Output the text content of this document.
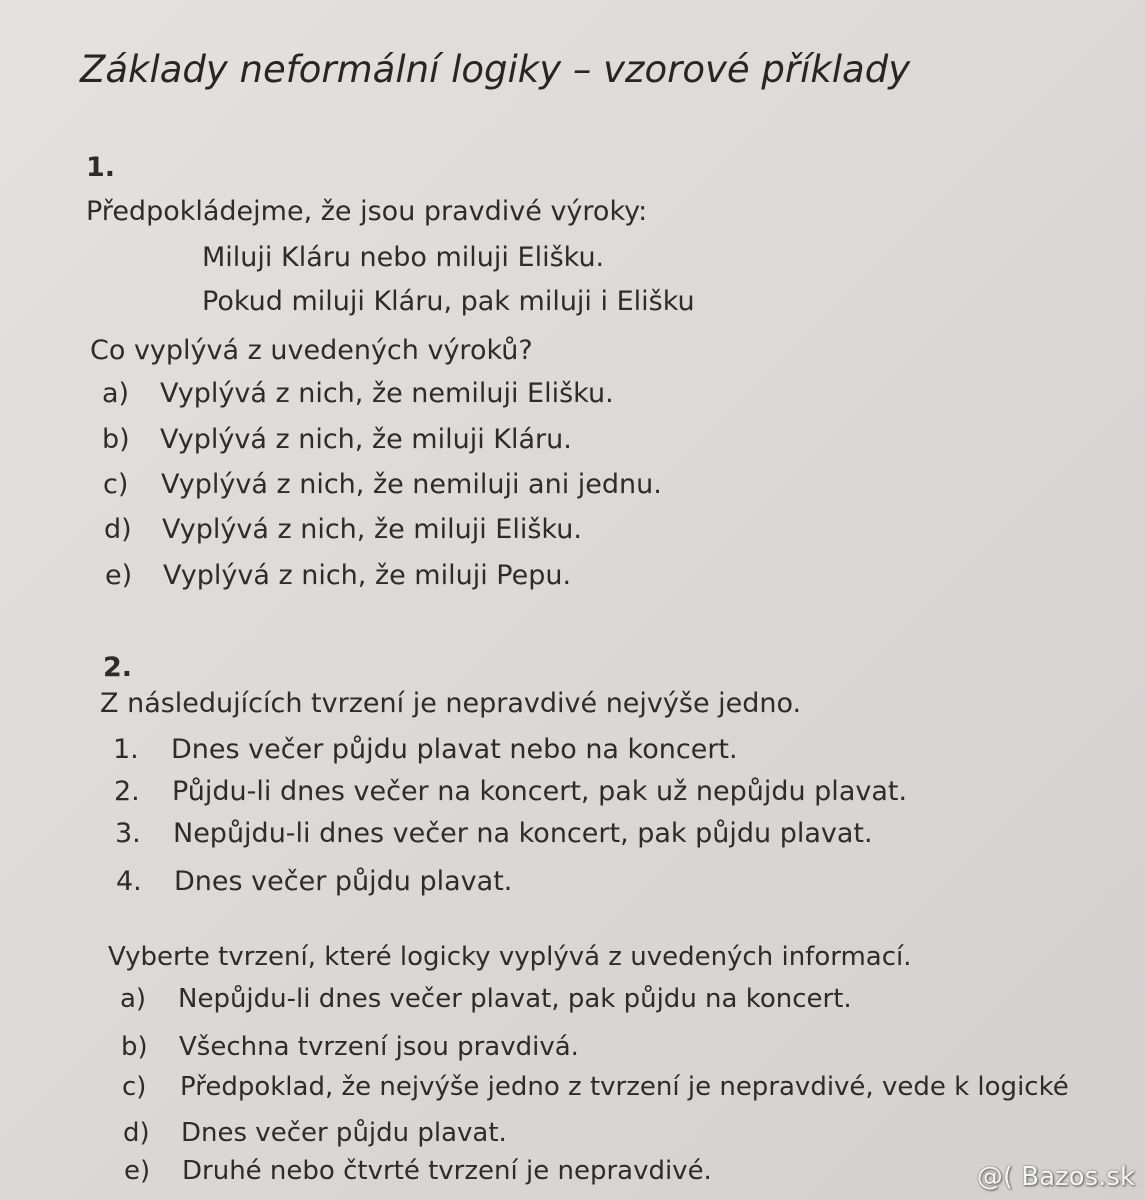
Základy neformální logiky – vzorové příklady
1.
Předpokládejme, že jsou pravdivé výroky:
Miluji Kláru nebo miluji Elišku.
Pokud miluji Kláru, pak miluji i Elišku
Co vyplývá z uvedených výroků?
a)	Vyplývá z nich, že nemiluji Elišku.
b)	Vyplývá z nich, že miluji Kláru.
c)	Vyplývá z nich, že nemiluji ani jednu.
d)	Vyplývá z nich, že miluji Elišku.
e)	Vyplývá z nich, že miluji Pepu.
2.
Z následujících tvrzení je nepravdivé nejvýše jedno.
1.	Dnes večer půjdu plavat nebo na koncert.
2.	Půjdu-li dnes večer na koncert, pak už nepůjdu plavat.
3.	Nepůjdu-li dnes večer na koncert, pak půjdu plavat.
4.	Dnes večer půjdu plavat.
Vyberte tvrzení, které logicky vyplývá z uvedených informací.
a)	Nepůjdu-li dnes večer plavat, pak půjdu na koncert.
b)	Všechna tvrzení jsou pravdivá.
c)	Předpoklad, že nejvýše jedno z tvrzení je nepravdivé, vede k logické
d)	Dnes večer půjdu plavat.
e)	Druhé nebo čtvrté tvrzení je nepravdivé.	@( Bazos.sk
